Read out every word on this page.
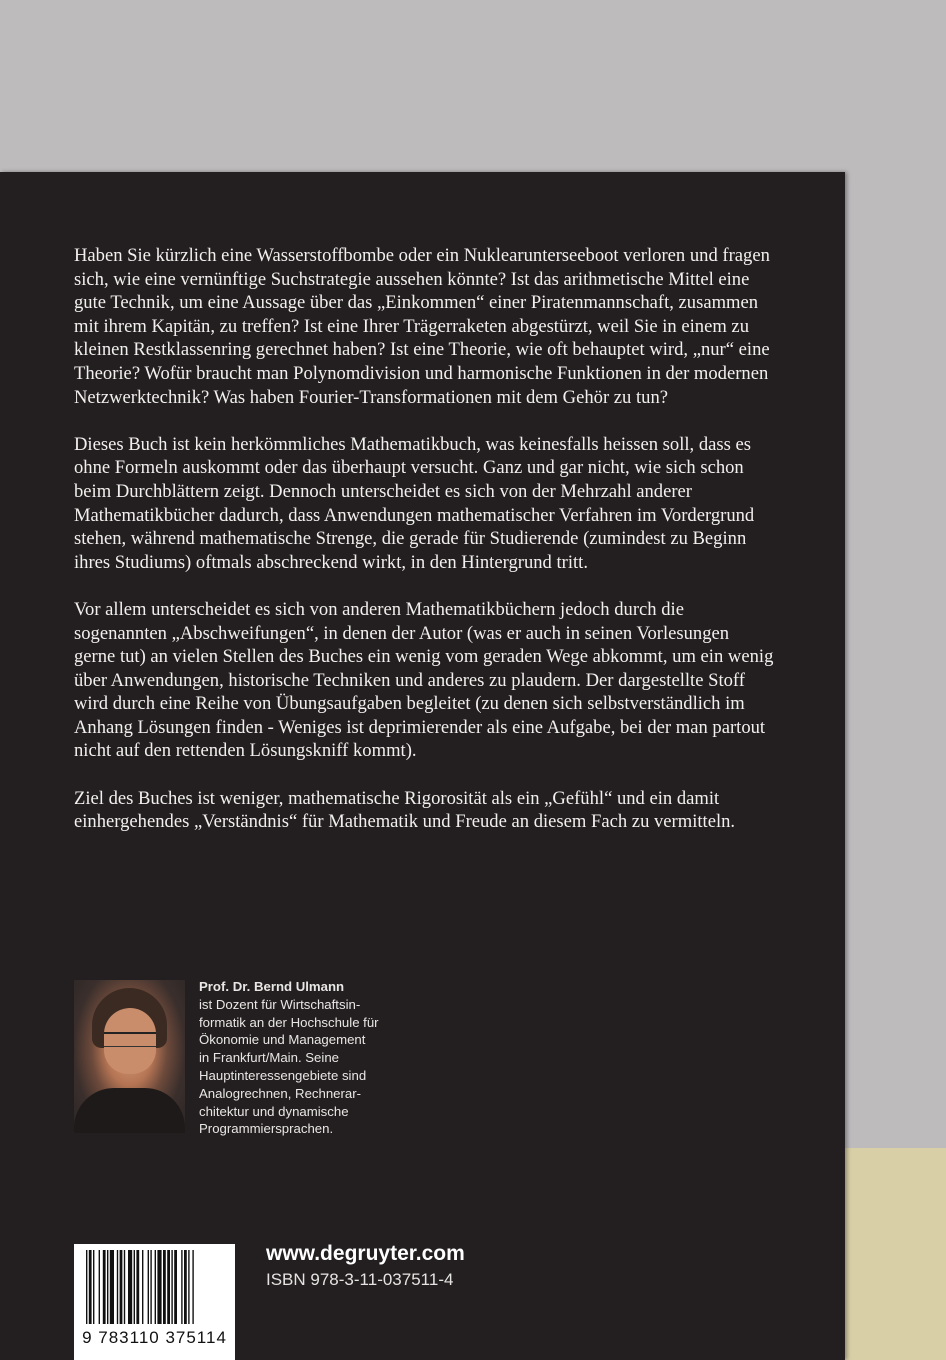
Haben Sie kürzlich eine Wasserstoffbombe oder ein Nuklearunterseeboot verloren und fragen sich, wie eine vernünftige Suchstrategie aussehen könnte? Ist das arithmetische Mittel eine gute Technik, um eine Aussage über das „Einkommen“ einer Piratenmannschaft, zusammen mit ihrem Kapitän, zu treffen? Ist eine Ihrer Trägerraketen abgestürzt, weil Sie in einem zu kleinen Restklassenring gerechnet haben? Ist eine Theorie, wie oft behauptet wird, „nur“ eine Theorie? Wofür braucht man Polynomdivision und harmonische Funktionen in der modernen Netzwerktechnik? Was haben Fourier-Transformationen mit dem Gehör zu tun?

Dieses Buch ist kein herkömmliches Mathematikbuch, was keinesfalls heissen soll, dass es ohne Formeln auskommt oder das überhaupt versucht. Ganz und gar nicht, wie sich schon beim Durchblättern zeigt. Dennoch unterscheidet es sich von der Mehrzahl anderer Mathematikbücher dadurch, dass Anwendungen mathematischer Verfahren im Vordergrund stehen, während mathematische Strenge, die gerade für Studierende (zumindest zu Beginn ihres Studiums) oftmals abschreckend wirkt, in den Hintergrund tritt.

Vor allem unterscheidet es sich von anderen Mathematikbüchern jedoch durch die sogenannten „Abschweifungen“, in denen der Autor (was er auch in seinen Vorlesungen gerne tut) an vielen Stellen des Buches ein wenig vom geraden Wege abkommt, um ein wenig über Anwendungen, historische Techniken und anderes zu plaudern. Der dargestellte Stoff wird durch eine Reihe von Übungsaufgaben begleitet (zu denen sich selbstverständlich im Anhang Lösungen finden - Weniges ist deprimierender als eine Aufgabe, bei der man partout nicht auf den rettenden Lösungskniff kommt).

Ziel des Buches ist weniger, mathematische Rigorosität als ein „Gefühl“ und ein damit einhergehendes „Verständnis“ für Mathematik und Freude an diesem Fach zu vermitteln.

Prof. Dr. Bernd Ulmann
ist Dozent für Wirtschaftsin-
formatik an der Hochschule für
Ökonomie und Management
in Frankfurt/Main. Seine
Hauptinteressengebiete sind
Analogrechnen, Rechnerar-
chitektur und dynamische
Programmiersprachen.
9 783110 375114
www.degruyter.com
ISBN 978-3-11-037511-4
